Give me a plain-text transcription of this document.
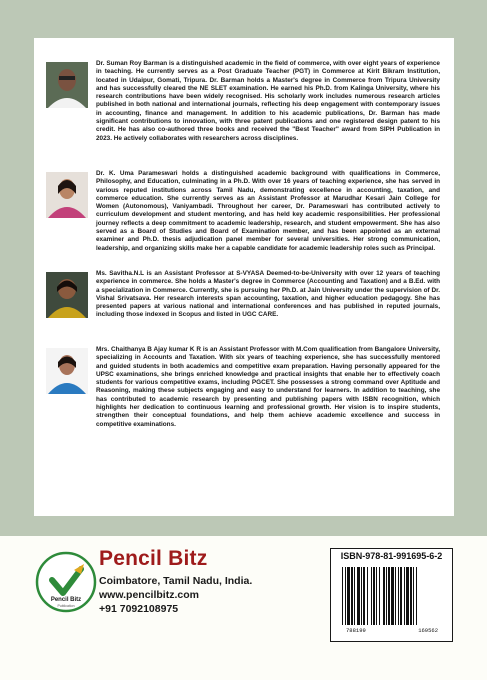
Dr. Suman Roy Barman is a distinguished academic in the field of commerce, with over eight years of experience in teaching. He currently serves as a Post Graduate Teacher (PGT) in Commerce at Kirit Bikram Institution, located in Udaipur, Gomati, Tripura. Dr. Barman holds a Master's degree in Commerce from Tripura University and has successfully cleared the NE SLET examination. He earned his Ph.D. from Kalinga University, where his research contributions have been widely recognised. His scholarly work includes numerous research articles published in both national and international journals, reflecting his deep engagement with contemporary issues in accounting, finance and management. In addition to his academic publications, Dr. Barman has made significant contributions to innovation, with three patent publications and one registered design patent to his credit. He has also co-authored three books and received the "Best Teacher" award from SIPH Publication in 2023. He actively collaborates with researchers across disciplines.

Dr. K. Uma Parameswari holds a distinguished academic background with qualifications in Commerce, Philosophy, and Education, culminating in a Ph.D. With over 16 years of teaching experience, she has served in various reputed institutions across Tamil Nadu, demonstrating excellence in accounting, taxation, and commerce education. She currently serves as an Assistant Professor at Marudhar Kesari Jain College for Women (Autonomous), Vaniyambadi. Throughout her career, Dr. Parameswari has contributed actively to curriculum development and student mentoring, and has held key academic responsibilities. Her professional journey reflects a deep commitment to academic leadership, research, and student empowerment. She has also served as a Board of Studies and Board of Examination member, and has been appointed as an external examiner and Ph.D. thesis adjudication panel member for several universities. Her strong communication, leadership, and organizing skills make her a capable candidate for academic leadership roles such as Principal.

Ms. Savitha.N.L is an Assistant Professor at S-VYASA Deemed-to-be-University with over 12 years of teaching experience in commerce. She holds a Master's degree in Commerce (Accounting and Taxation) and a B.Ed. with a specialization in Commerce. Currently, she is pursuing her Ph.D. at Jain University under the supervision of Dr. Vishal Srivatsava. Her research interests span accounting, taxation, and higher education pedagogy. She has presented papers at various national and international conferences and has published in reputed journals, including those indexed in Scopus and listed in UGC CARE.

Mrs. Chaithanya B Ajay kumar K R is an Assistant Professor with M.Com qualification from Bangalore University, specializing in Accounts and Taxation. With six years of teaching experience, she has successfully mentored and guided students in both academics and competitive exam preparation. Having personally appeared for the UPSC examinations, she brings enriched knowledge and practical insights that enable her to effectively coach students for various competitive exams, including PGCET. She possesses a strong command over Aptitude and Reasoning, making these subjects engaging and easy to understand for learners. In addition to teaching, she has contributed to academic research by presenting and publishing papers with ISBN recognition, which highlights her dedication to continuous learning and professional growth. Her vision is to inspire students, strengthen their conceptual foundations, and help them achieve academic excellence and success in competitive examinations.

Pencil Bitz
Publication
Pencil Bitz
Coimbatore, Tamil Nadu, India.
www.pencilbitz.com
+91 7092108975
ISBN-978-81-991695-6-2
788199	169562
